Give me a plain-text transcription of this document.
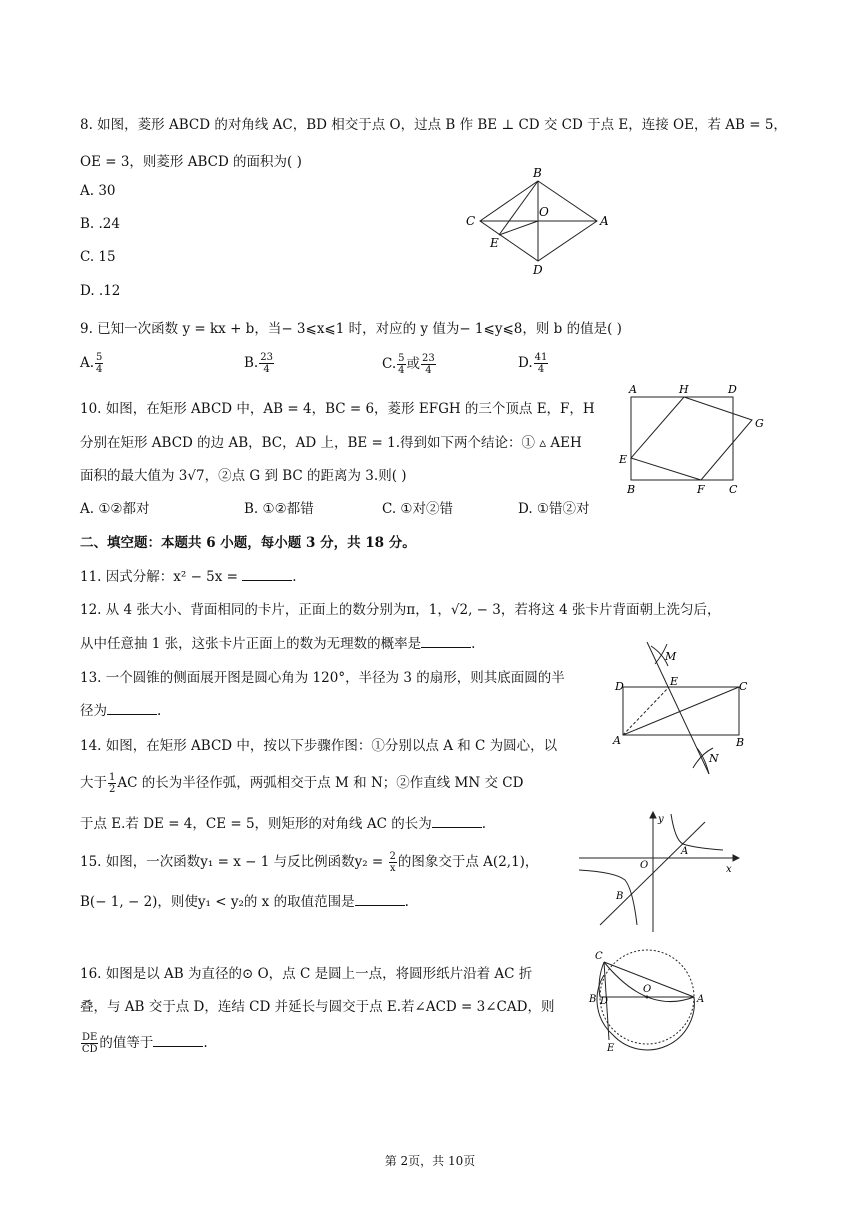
8. 如图，菱形 ABCD 的对角线 AC，BD 相交于点 O，过点 B 作 BE ⊥ CD 交 CD 于点 E，连接 OE，若 AB = 5，
OE = 3，则菱形 ABCD 的面积为( )
A. 30
B. .24
C. 15
D. .12
B
A
C
D
E
O
9. 已知一次函数 y = kx + b，当− 3⩽x⩽1 时，对应的 y 值为− 1⩽y⩽8，则 b 的值是( )
A. $\frac{5}{4}$	B. $\frac{23}{4}$	C. $\frac{5}{4}$ 或 $\frac{23}{4}$	D. $\frac{41}{4}$
10. 如图，在矩形 ABCD 中，AB = 4，BC = 6，菱形 EFGH 的三个顶点 E，F，H
分别在矩形 ABCD 的边 AB，BC，AD 上，BE = 1.得到如下两个结论：① ▵ AEH
面积的最大值为 3√7，②点 G 到 BC 的距离为 3.则( )
A. ①②都对	B. ①②都错	C. ①对②错	D. ①错②对
A	H	D
G
E
B	F C
二、填空题：本题共 6 小题，每小题 3 分，共 18 分。
11. 因式分解：x² − 5x =	.
12. 从 4 张大小、背面相同的卡片，正面上的数分别为π，1，√2, − 3，若将这 4 张卡片背面朝上洗匀后，
从中任意抽 1 张，这张卡片正面上的数为无理数的概率是	.
13. 一个圆锥的侧面展开图是圆心角为 120°，半径为 3 的扇形，则其底面圆的半
径为	.
M
D	E	C
A	B
N
14. 如图，在矩形 ABCD 中，按以下步骤作图：①分别以点 A 和 C 为圆心，以
大于 $\frac{1}{2}$ AC 的长为半径作弧，两弧相交于点 M 和 N；②作直线 MN 交 CD
于点 E.若 DE = 4，CE = 5，则矩形的对角线 AC 的长为	.
15. 如图，一次函数y₁ = x − 1 与反比例函数$y_2 = \frac{2}{x}$ 的图象交于点 A(2,1)，
B(− 1, − 2)，则使y₁ < y₂的 x 的取值范围是	.
y
x
O
A
B
16. 如图是以 AB 为直径的⊙ O，点 C 是圆上一点，将圆形纸片沿着 AC 折
叠，与 AB 交于点 D，连结 CD 并延长与圆交于点 E.若∠ACD = 3∠CAD，则
$\frac{DE}{CD}$ 的值等于	.
C
B D
O
A
E
第 2页，共 10页
